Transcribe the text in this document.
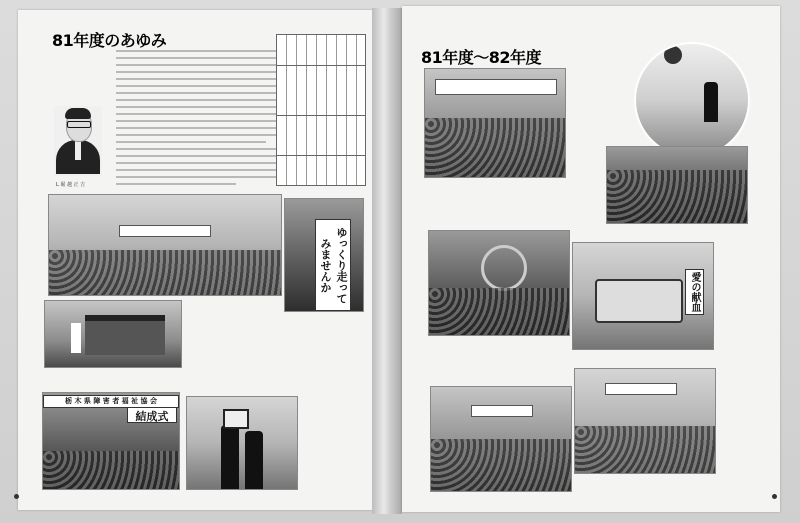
81年度のあゆみ
L 堀 越 正 吉
ゆっくり走ってみませんか
栃 木 県 障 害 者 福 祉 協 会
結成式
81年度～82年度
愛の献血
